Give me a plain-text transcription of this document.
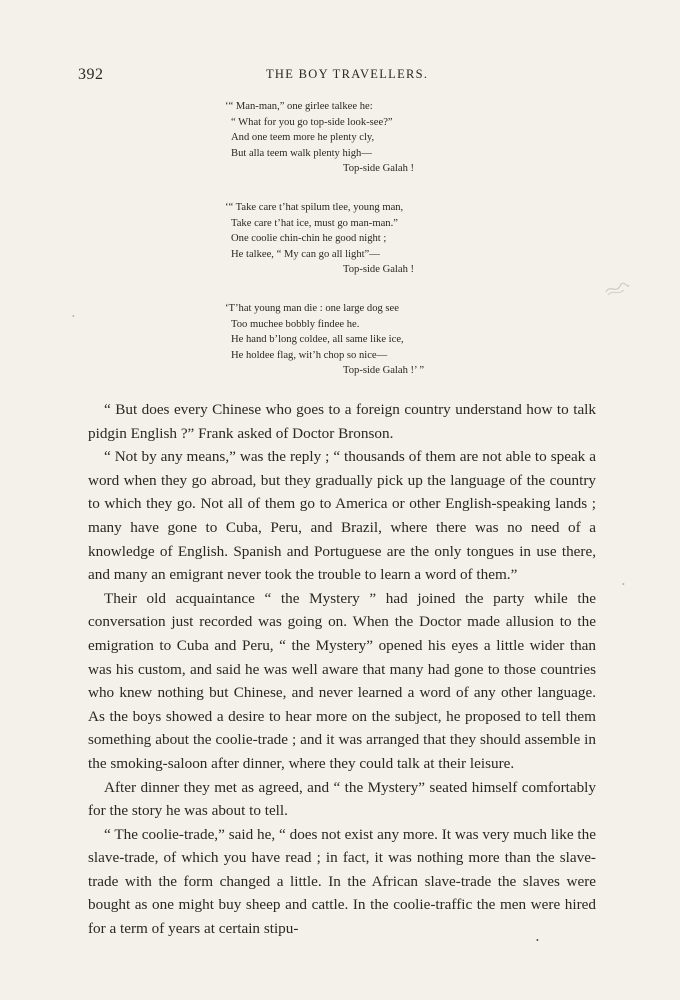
392	THE BOY TRAVELLERS.
‘“ Man-man,” one girlee talkee he:
“ What for you go top-side look-see?”
And one teem more he plenty cly,
But alla teem walk plenty high—
Top-side Galah !
‘“ Take care t’hat spilum tlee, young man,
Take care t’hat ice, must go man-man.”
One coolie chin-chin he good night ;
He talkee, “ My can go all light”—
Top-side Galah !
‘T’hat young man die : one large dog see
Too muchee bobbly findee he.
He hand b’long coldee, all same like ice,
He holdee flag, wit’h chop so nice—
Top-side Galah !’ ”

“ But does every Chinese who goes to a foreign country understand how to talk pidgin English ?” Frank asked of Doctor Bronson.

“ Not by any means,” was the reply ; “ thousands of them are not able to speak a word when they go abroad, but they gradually pick up the language of the country to which they go. Not all of them go to America or other English-speaking lands ; many have gone to Cuba, Peru, and Brazil, where there was no need of a knowledge of English. Spanish and Portuguese are the only tongues in use there, and many an emigrant never took the trouble to learn a word of them.”

Their old acquaintance “ the Mystery ” had joined the party while the conversation just recorded was going on. When the Doctor made allusion to the emigration to Cuba and Peru, “ the Mystery” opened his eyes a little wider than was his custom, and said he was well aware that many had gone to those countries who knew nothing but Chinese, and never learned a word of any other language. As the boys showed a desire to hear more on the subject, he proposed to tell them something about the coolie-trade ; and it was arranged that they should assemble in the smoking-saloon after dinner, where they could talk at their leisure.

After dinner they met as agreed, and “ the Mystery” seated himself comfortably for the story he was about to tell.

“ The coolie-trade,” said he, “ does not exist any more. It was very much like the slave-trade, of which you have read ; in fact, it was nothing more than the slave-trade with the form changed a little. In the African slave-trade the slaves were bought as one might buy sheep and cattle. In the coolie-traffic the men were hired for a term of years at certain stipu-

•
•
•
